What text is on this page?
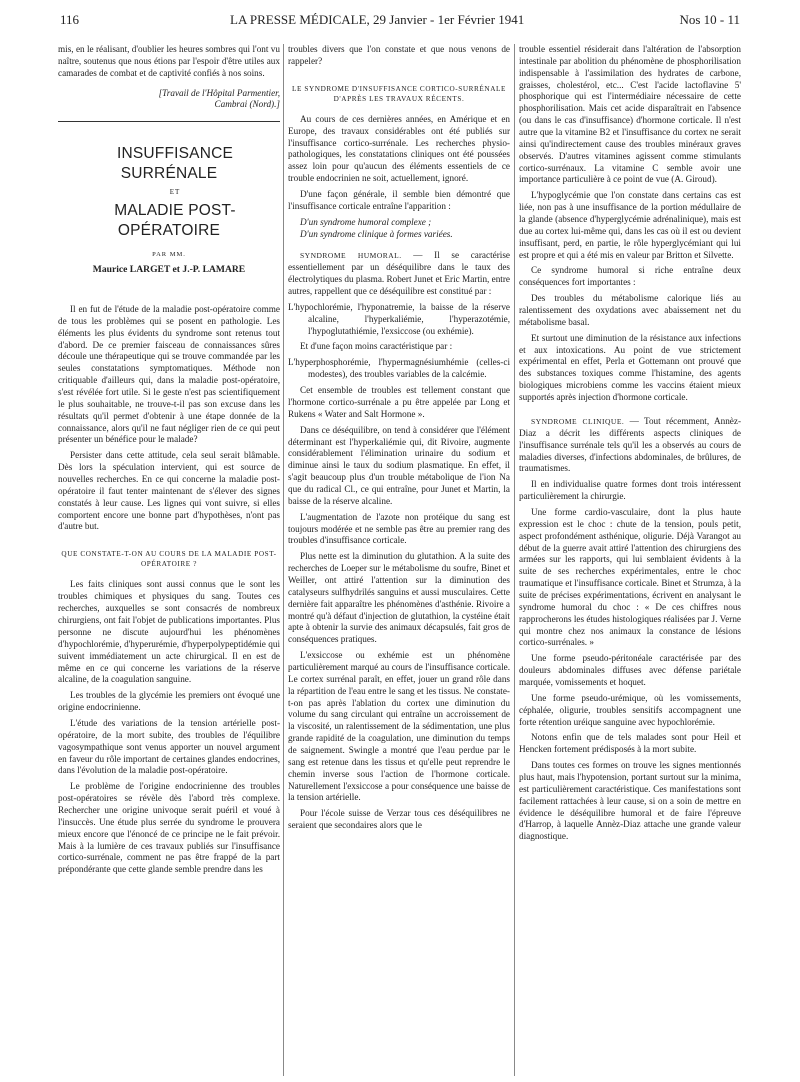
116	LA PRESSE MÉDICALE, 29 Janvier - 1er Février 1941	Nos 10 - 11

mis, en le réalisant, d'oublier les heures sombres qui l'ont vu naître, soutenus que nous étions par l'espoir d'être utiles aux camarades de combat et de captivité confiés à nos soins.

[Travail de l'Hôpital Parmentier,
Cambrai (Nord).]

INSUFFISANCE SURRÉNALE

ET

MALADIE POST-OPÉRATOIRE

PAR MM.
Maurice LARGET et J.-P. LAMARE

Il en fut de l'étude de la maladie post-opératoire comme de tous les problèmes qui se posent en pathologie. Les éléments les plus évidents du syndrome sont retenus tout d'abord. De ce premier faisceau de connaissances sûres découle une thérapeutique qui se trouve commandée par les seules constatations symptomatiques. Méthode non critiquable d'ailleurs qui, dans la maladie post-opératoire, s'est révélée fort utile. Si le geste n'est pas scientifiquement le plus souhaitable, ne trouve-t-il pas son excuse dans les résultats qu'il permet d'obtenir à une étape donnée de la connaissance, alors qu'il ne faut négliger rien de ce qui peut présenter un bénéfice pour le malade?

Persister dans cette attitude, cela seul serait blâmable. Dès lors la spéculation intervient, qui est source de nouvelles recherches. En ce qui concerne la maladie post-opératoire il faut tenter maintenant de s'élever des signes constatés à leur cause. Les lignes qui vont suivre, si elles comportent encore une bonne part d'hypothèses, n'ont pas d'autre but.

QUE CONSTATE-T-ON AU COURS DE LA MALADIE POST-OPÉRATOIRE ?

Les faits cliniques sont aussi connus que le sont les troubles chimiques et physiques du sang. Toutes ces recherches, auxquelles se sont consacrés de nombreux chirurgiens, ont fait l'objet de publications importantes. Plus personne ne discute aujourd'hui les phénomènes d'hypochlorémie, d'hyperurémie, d'hyperpolypeptidémie qui suivent immédiatement un acte chirurgical. Il en est de même en ce qui concerne les variations de la réserve alcaline, de la coagulation sanguine.

Les troubles de la glycémie les premiers ont évoqué une origine endocrinienne.

L'étude des variations de la tension artérielle post-opératoire, de la mort subite, des troubles de l'équilibre vagosympathique sont venus apporter un nouvel argument en faveur du rôle important de certaines glandes endocrines, dans l'évolution de la maladie post-opératoire.

Le problème de l'origine endocrinienne des troubles post-opératoires se révèle dès l'abord très complexe. Rechercher une origine univoque serait puéril et voué à l'insuccès. Une étude plus serrée du syndrome le prouvera mieux encore que l'énoncé de ce principe ne le fait prévoir. Mais à la lumière de ces travaux publiés sur l'insuffisance cortico-surrénale, comment ne pas être frappé de la part prépondérante que cette glande semble prendre dans les

troubles divers que l'on constate et que nous venons de rappeler?

LE SYNDROME D'INSUFFISANCE CORTICO-SURRÉNALE D'APRÈS LES TRAVAUX RÉCENTS.

Au cours de ces dernières années, en Amérique et en Europe, des travaux considérables ont été publiés sur l'insuffisance cortico-surrénale. Les recherches physio-pathologiques, les constatations cliniques ont été poussées assez loin pour qu'aucun des éléments essentiels de ce trouble endocrinien ne soit, actuellement, ignoré.

D'une façon générale, il semble bien démontré que l'insuffisance corticale entraîne l'apparition :

D'un syndrome humoral complexe ;

D'un syndrome clinique à formes variées.

SYNDROME HUMORAL. — Il se caractérise essentiellement par un déséquilibre dans le taux des électrolytiques du plasma. Robert Junet et Eric Martin, entre autres, rappellent que ce déséquilibre est constitué par :

L'hypochlorémie, l'hyponatremie, la baisse de la réserve alcaline, l'hyperkaliémie, l'hyperazotémie, l'hypoglutathiémie, l'exsiccose (ou exhémie).

Et d'une façon moins caractéristique par :

L'hyperphosphorémie, l'hypermagnésiumhémie (celles-ci modestes), des troubles variables de la calcémie.

Cet ensemble de troubles est tellement constant que l'hormone cortico-surrénale a pu être appelée par Long et Rukens « Water and Salt Hormone ».

Dans ce déséquilibre, on tend à considérer que l'élément déterminant est l'hyperkaliémie qui, dit Rivoire, augmente considérablement l'élimination urinaire du sodium et diminue ainsi le taux du sodium plasmatique. En effet, il s'agit beaucoup plus d'un trouble métabolique de l'ion Na que du radical Cl., ce qui entraîne, pour Junet et Martin, la baisse de la réserve alcaline.

L'augmentation de l'azote non protéique du sang est toujours modérée et ne semble pas être au premier rang des troubles d'insuffisance corticale.

Plus nette est la diminution du glutathion. A la suite des recherches de Loeper sur le métabolisme du soufre, Binet et Weiller, ont attiré l'attention sur la diminution des catalyseurs sulfhydrilés sanguins et aussi musculaires. Cette dernière fait apparaître les phénomènes d'asthénie. Rivoire a montré qu'à défaut d'injection de glutathion, la cystéine était apte à obtenir la survie des animaux décapsulés, fait gros de conséquences pratiques.

L'exsiccose ou exhémie est un phénomène particulièrement marqué au cours de l'insuffisance corticale. Le cortex surrénal paraît, en effet, jouer un grand rôle dans la répartition de l'eau entre le sang et les tissus. Ne constate-t-on pas après l'ablation du cortex une diminution du volume du sang circulant qui entraîne un accroissement de la viscosité, un ralentissement de la sédimentation, une plus grande rapidité de la coagulation, une diminution du temps de saignement. Swingle a montré que l'eau perdue par le sang est retenue dans les tissus et qu'elle peut reprendre le chemin inverse sous l'action de l'hormone corticale. Naturellement l'exsiccose a pour conséquence une baisse de la tension artérielle.

Pour l'école suisse de Verzar tous ces déséquilibres ne seraient que secondaires alors que le

trouble essentiel résiderait dans l'altération de l'absorption intestinale par abolition du phénomène de phosphorilisation indispensable à l'assimilation des hydrates de carbone, graisses, cholestérol, etc... C'est l'acide lactoflavine 5' phosphorique qui est l'intermédiaire nécessaire de cette phosphorilisation. Mais cet acide disparaîtrait en l'absence (ou dans le cas d'insuffisance) d'hormone corticale. Il n'est autre que la vitamine B2 et l'insuffisance du cortex ne serait ainsi qu'indirectement cause des troubles minéraux graves observés. D'autres vitamines agissent comme stimulants cortico-surrénaux. La vitamine C semble avoir une importance particulière à ce point de vue (A. Giroud).

L'hypoglycémie que l'on constate dans certains cas est liée, non pas à une insuffisance de la portion médullaire de la glande (absence d'hyperglycémie adrénalinique), mais est due au cortex lui-même qui, dans les cas où il est ou devient insuffisant, perd, en partie, le rôle hyperglycémiant qui lui est propre et qui a été mis en valeur par Britton et Silvette.

Ce syndrome humoral si riche entraîne deux conséquences fort importantes :

Des troubles du métabolisme calorique liés au ralentissement des oxydations avec abaissement net du métabolisme basal.

Et surtout une diminution de la résistance aux infections et aux intoxications. Au point de vue strictement expérimental en effet, Perla et Gottemann ont prouvé que des substances toxiques comme l'histamine, des agents biologiques microbiens comme les vaccins étaient mieux supportés après injection d'hormone corticale.

SYNDROME CLINIQUE. — Tout récemment, Annèz-Diaz a décrit les différents aspects cliniques de l'insuffisance surrénale tels qu'il les a observés au cours de maladies diverses, d'infections abdominales, de brûlures, de traumatismes.

Il en individualise quatre formes dont trois intéressent particulièrement la chirurgie.

Une forme cardio-vasculaire, dont la plus haute expression est le choc : chute de la tension, pouls petit, aspect profondément asthénique, oligurie. Déjà Varangot au début de la guerre avait attiré l'attention des chirurgiens des armées sur les rapports, qui lui semblaient évidents à la suite de ses recherches expérimentales, entre le choc traumatique et l'insuffisance corticale. Binet et Strumza, à la suite de précises expérimentations, écrivent en analysant le syndrome humoral du choc : « De ces chiffres nous rapprocherons les études histologiques réalisées par J. Verne qui montre chez nos animaux la constance de lésions cortico-surrénales. »

Une forme pseudo-péritonéale caractérisée par des douleurs abdominales diffuses avec défense pariétale marquée, vomissements et hoquet.

Une forme pseudo-urémique, où les vomissements, céphalée, oligurie, troubles sensitifs accompagnent une forte rétention uréique sanguine avec hypochlorémie.

Notons enfin que de tels malades sont pour Heil et Hencken fortement prédisposés à la mort subite.

Dans toutes ces formes on trouve les signes mentionnés plus haut, mais l'hypotension, portant surtout sur la minima, est particulièrement caractéristique. Ces manifestations sont facilement rattachées à leur cause, si on a soin de mettre en évidence le déséquilibre humoral et de faire l'épreuve d'Harrop, à laquelle Annèz-Diaz attache une grande valeur diagnostique.
